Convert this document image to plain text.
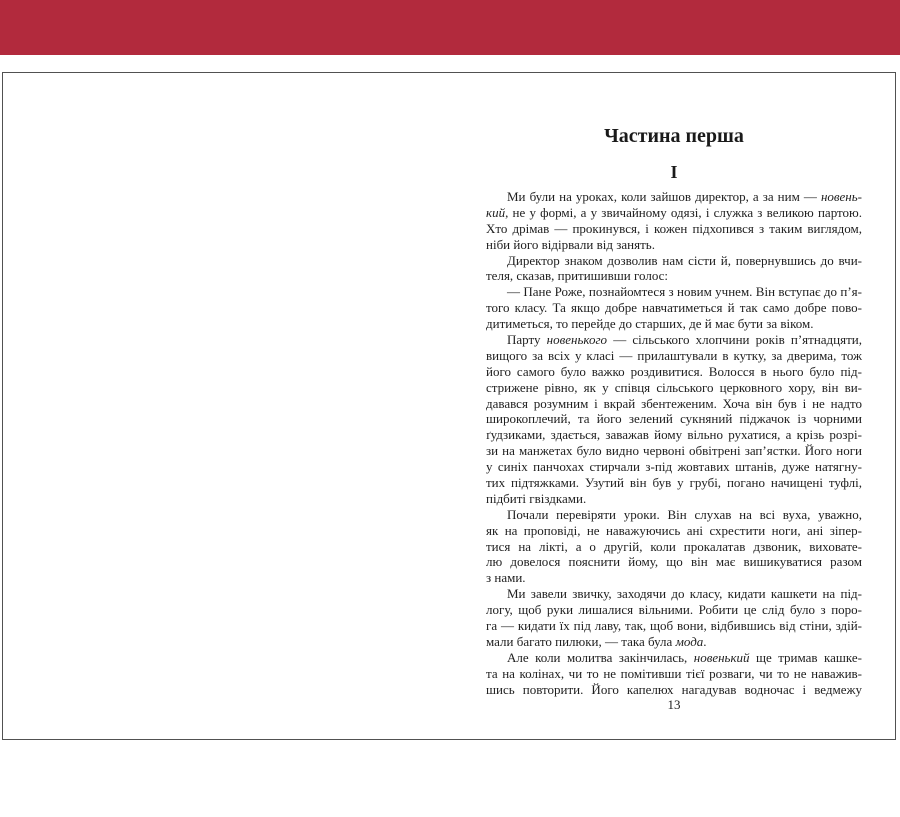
Частина перша
I
Ми були на уроках, коли зайшов директор, а за ним — новень-
кий, не у формі, а у звичайному одязі, і служка з великою партою.
Хто дрімав — прокинувся, і кожен підхопився з таким виглядом,
ніби його відірвали від занять.
Директор знаком дозволив нам сісти й, повернувшись до вчи-
теля, сказав, притишивши голос:
— Пане Роже, познайомтеся з новим учнем. Він вступає до п’я-
того класу. Та якщо добре навчатиметься й так само добре пово-
дитиметься, то перейде до старших, де й має бути за віком.
Парту новенького — сільського хлопчини років п’ятнадцяти,
вищого за всіх у класі — прилаштували в кутку, за дверима, тож
його самого було важко роздивитися. Волосся в нього було під-
стрижене рівно, як у співця сільського церковного хору, він ви-
давався розумним і вкрай збентеженим. Хоча він був і не надто
широкоплечий, та його зелений сукняний піджачок із чорними
ґудзиками, здається, заважав йому вільно рухатися, а крізь розрі-
зи на манжетах було видно червоні обвітрені зап’ястки. Його ноги
у синіх панчохах стирчали з-під жовтавих штанів, дуже натягну-
тих підтяжками. Узутий він був у грубі, погано начищені туфлі,
підбиті гвіздками.
Почали перевіряти уроки. Він слухав на всі вуха, уважно,
як на проповіді, не наважуючись ані схрестити ноги, ані зіпер-
тися на лікті, а о другій, коли прокалатав дзвоник, виховате-
лю довелося пояснити йому, що він має вишикуватися разом
з нами.
Ми завели звичку, заходячи до класу, кидати кашкети на під-
логу, щоб руки лишалися вільними. Робити це слід було з поро-
га — кидати їх під лаву, так, щоб вони, відбившись від стіни, здій-
мали багато пилюки, — така була мода.
Але коли молитва закінчилась, новенький ще тримав кашке-
та на колінах, чи то не помітивши тієї розваги, чи то не наважив-
шись повторити. Його капелюх нагадував водночас і ведмежу
13
